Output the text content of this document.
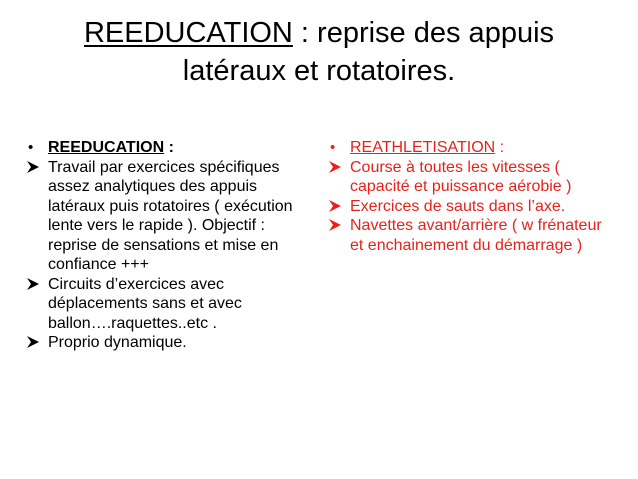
REEDUCATION : reprise des appuis
latéraux et rotatoires.
• REEDUCATION :
Travail par exercices spécifiques assez analytiques des appuis latéraux puis rotatoires ( exécution lente vers le rapide ). Objectif : reprise de sensations et mise en confiance +++
Circuits d’exercices avec déplacements sans et avec ballon….raquettes..etc .
Proprio dynamique.
• REATHLETISATION :
Course à toutes les vitesses ( capacité et puissance aérobie )
Exercices de sauts dans l’axe.
Navettes avant/arrière ( w frénateur et enchainement du démarrage )
